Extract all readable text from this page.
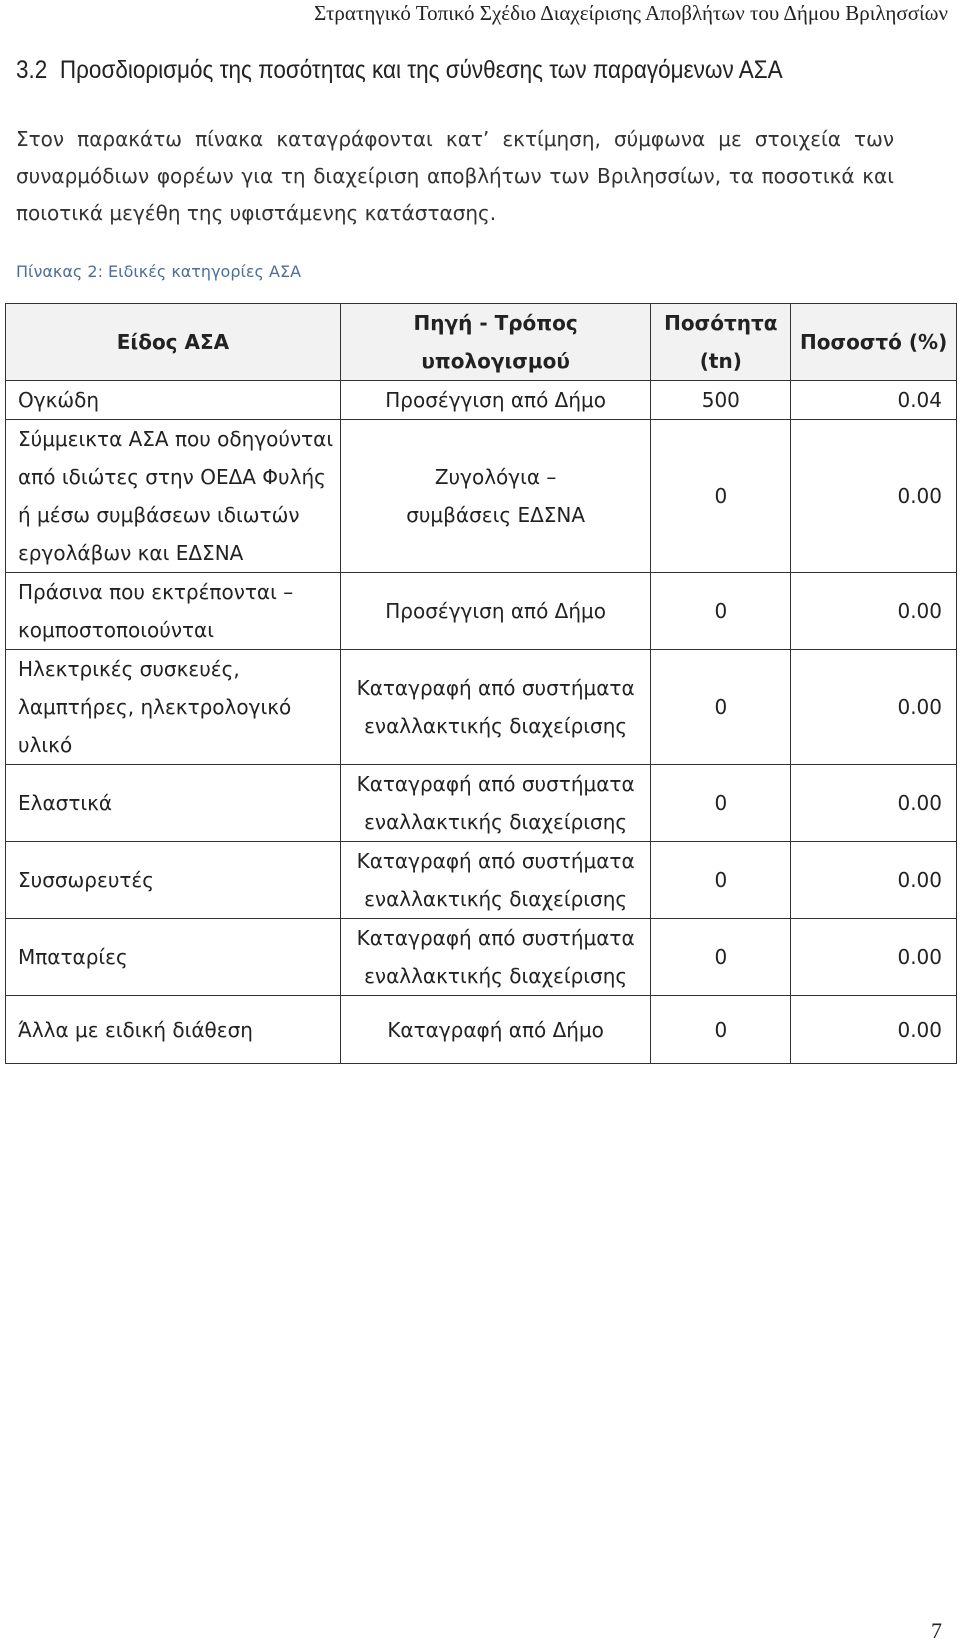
Στρατηγικό Τοπικό Σχέδιο Διαχείρισης Αποβλήτων του Δήμου Βριλησσίων
3.2 Προσδιορισμός της ποσότητας και της σύνθεσης των παραγόμενων ΑΣΑ

Στον παρακάτω πίνακα καταγράφονται κατ’ εκτίμηση, σύμφωνα με στοιχεία των συναρμόδιων φορέων για τη διαχείριση αποβλήτων των Βριλησσίων, τα ποσοτικά και ποιοτικά μεγέθη της υφιστάμενης κατάστασης.

Πίνακας 2: Ειδικές κατηγορίες ΑΣΑ
Είδος ΑΣΑ	Πηγή - Τρόπος υπολογισμού	Ποσότητα (tn)	Ποσοστό (%)
Ογκώδη	Προσέγγιση από Δήμο	500	0.04
Σύμμεικτα ΑΣΑ που οδηγούνται από ιδιώτες στην ΟΕΔΑ Φυλής ή μέσω συμβάσεων ιδιωτών εργολάβων και ΕΔΣΝΑ	Ζυγολόγια – συμβάσεις ΕΔΣΝΑ	0	0.00

Πράσινα που εκτρέπονται – κομποστοποιούνται	Προσέγγιση από Δήμο	0	0.00
Ηλεκτρικές συσκευές, λαμπτήρες, ηλεκτρολογικό υλικό	Καταγραφή από συστήματα εναλλακτικής διαχείρισης	0	0.00
Ελαστικά	Καταγραφή από συστήματα εναλλακτικής διαχείρισης	0	0.00
Συσσωρευτές	Καταγραφή από συστήματα εναλλακτικής διαχείρισης	0	0.00
Μπαταρίες	Καταγραφή από συστήματα εναλλακτικής διαχείρισης	0	0.00
Άλλα με ειδική διάθεση	Καταγραφή από Δήμο	0	0.00
7
